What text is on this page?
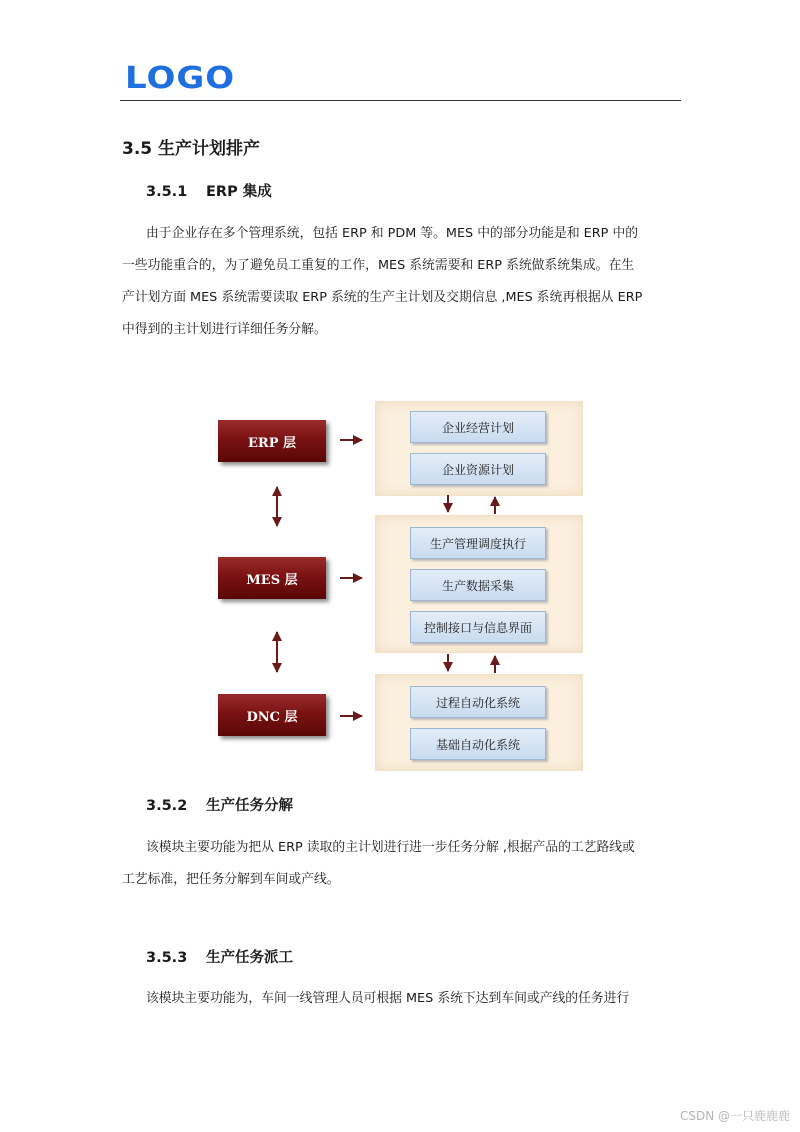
LOGO
3.5 生产计划排产
3.5.1 ERP 集成
由于企业存在多个管理系统，包括 ERP 和 PDM 等。MES 中的部分功能是和 ERP 中的
一些功能重合的，为了避免员工重复的工作，MES 系统需要和 ERP 系统做系统集成。在生
产计划方面 MES 系统需要读取 ERP 系统的生产主计划及交期信息 ,MES 系统再根据从 ERP
中得到的主计划进行详细任务分解。
ERP 层
MES 层
DNC 层
企业经营计划
企业资源计划
生产管理调度执行
生产数据采集
控制接口与信息界面
过程自动化系统
基础自动化系统
3.5.2 生产任务分解
该模块主要功能为把从 ERP 读取的主计划进行进一步任务分解 ,根据产品的工艺路线或
工艺标准，把任务分解到车间或产线。
3.5.3 生产任务派工
该模块主要功能为，车间一线管理人员可根据 MES 系统下达到车间或产线的任务进行
CSDN @一只鹿鹿鹿
